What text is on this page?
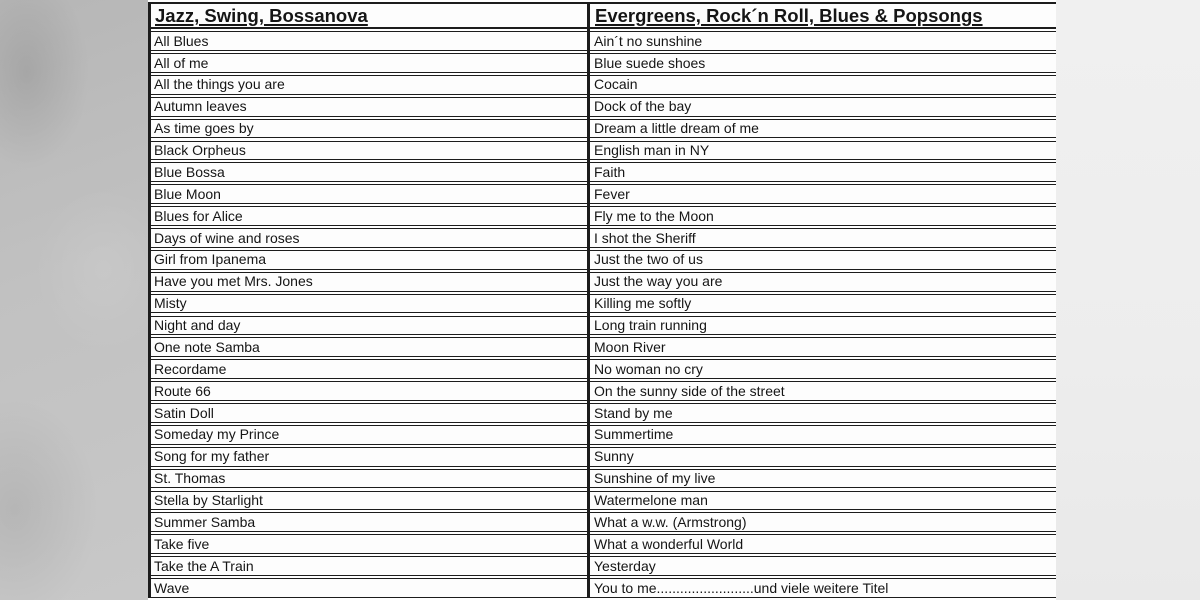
Jazz, Swing, Bossanova
All Blues
All of me
All the things you are
Autumn leaves
As time goes by
Black Orpheus
Blue Bossa
Blue Moon
Blues for Alice
Days of wine and roses
Girl from Ipanema
Have you met Mrs. Jones
Misty
Night and day
One note Samba
Recordame
Route 66
Satin Doll
Someday my Prince
Song for my father
St. Thomas
Stella by Starlight
Summer Samba
Take five
Take the A Train
Wave
Evergreens, Rock´n Roll, Blues & Popsongs
Ain´t no sunshine
Blue suede shoes
Cocain
Dock of the bay
Dream a little dream of me
English man in NY
Faith
Fever
Fly me to the Moon
I shot the Sheriff
Just the two of us
Just the way you are
Killing me softly
Long train running
Moon River
No woman no cry
On the sunny side of the street
Stand by me
Summertime
Sunny
Sunshine of my live
Watermelone man
What a w.w. (Armstrong)
What a wonderful World
Yesterday
You to me.........................und viele weitere Titel
